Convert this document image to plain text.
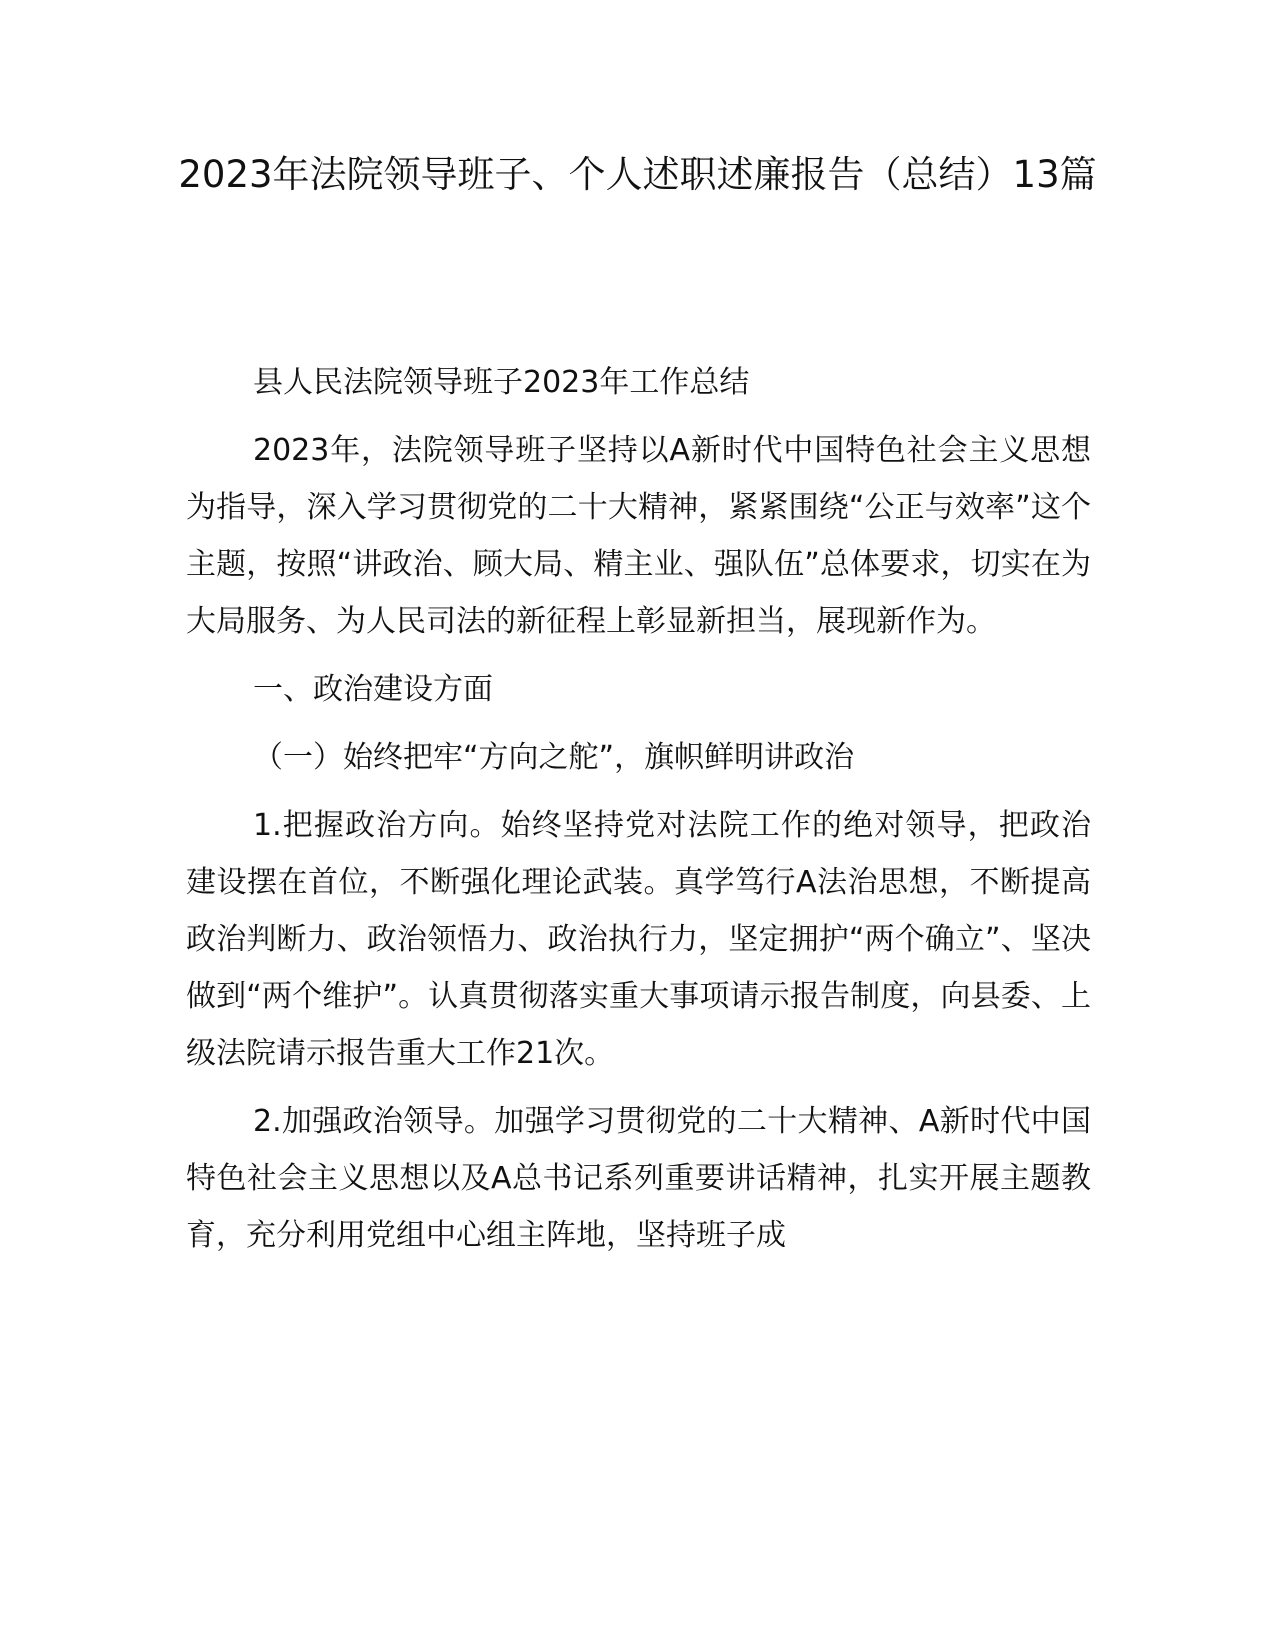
2023年法院领导班子、个人述职述廉报告（总结）13篇

县人民法院领导班子2023年工作总结

2023年，法院领导班子坚持以A新时代中国特色社会主义思想为指导，深入学习贯彻党的二十大精神，紧紧围绕“公正与效率”这个主题，按照“讲政治、顾大局、精主业、强队伍”总体要求，切实在为大局服务、为人民司法的新征程上彰显新担当，展现新作为。

一、政治建设方面

（一）始终把牢“方向之舵”，旗帜鲜明讲政治

1.把握政治方向。始终坚持党对法院工作的绝对领导，把政治建设摆在首位，不断强化理论武装。真学笃行A法治思想，不断提高政治判断力、政治领悟力、政治执行力，坚定拥护“两个确立”、坚决做到“两个维护”。认真贯彻落实重大事项请示报告制度，向县委、上级法院请示报告重大工作21次。

2.加强政治领导。加强学习贯彻党的二十大精神、A新时代中国特色社会主义思想以及A总书记系列重要讲话精神，扎实开展主题教育，充分利用党组中心组主阵地，坚持班子成
